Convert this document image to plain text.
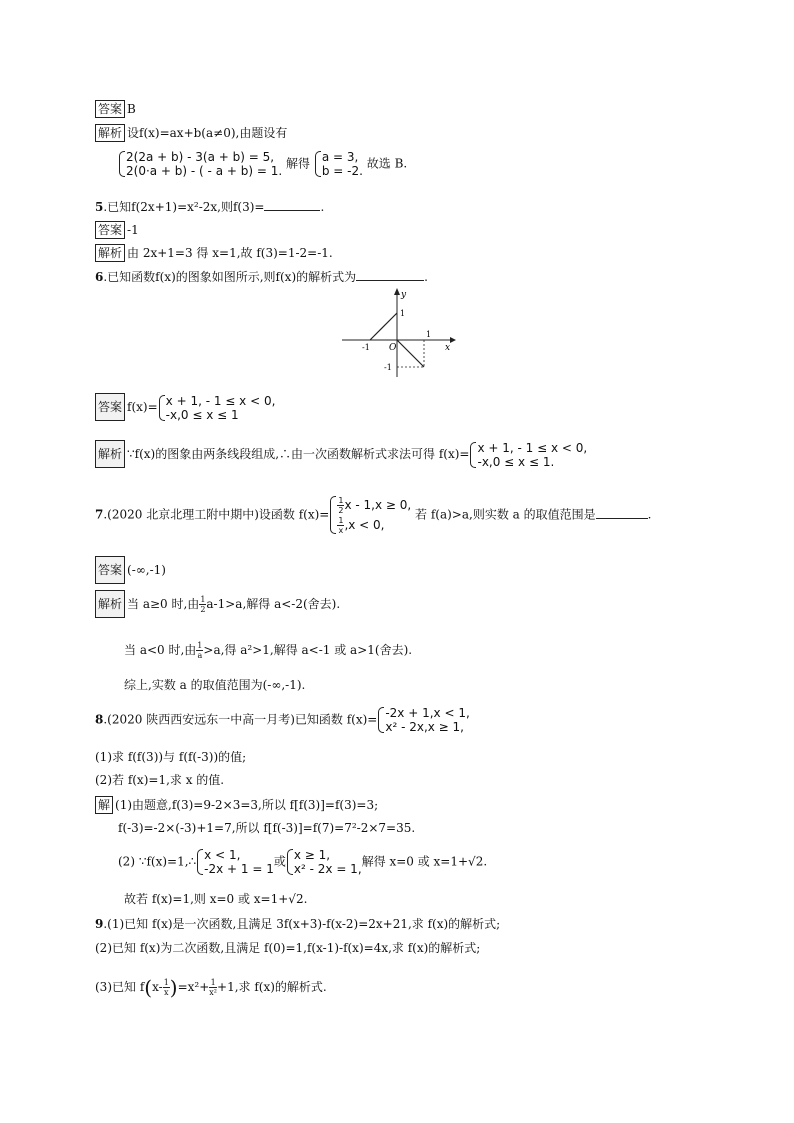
答案 B
解析 设f(x)=ax+b(a≠0),由题设有
2(2a + b) - 3(a + b) = 5,
2(0·a + b) - ( - a + b) = 1.
解得 a = 3,
b = -2.
故选 B.
5.已知f(2x+1)=x²-2x,则f(3)=	.
答案 -1
解析 由 2x+1=3 得 x=1,故 f(3)=1-2=-1.
6.已知函数f(x)的图象如图所示,则f(x)的解析式为	.
y
x
O
1
-1
1
-1
答案 f(x)= x + 1, - 1 ≤ x < 0,
-x,0 ≤ x ≤ 1
解析 ∵f(x)的图象由两条线段组成,∴由一次函数解析式求法可得 f(x)= x + 1, - 1 ≤ x < 0,
-x,0 ≤ x ≤ 1.
7.(2020 北京北理工附中期中)设函数 $f(x)= \frac{1}{2}$ x - 1,x ≥ 0,
$\frac{1}{x} ,x < 0$,
若 f(a)>a,则实数 a 的取值范围是	.
答案 (-∞,-1)
解析 当 a≥0 时,由 $\frac{1}{2} a-1>a$,解得 a<-2(舍去).
当 a<0 时,由 $\frac{1}{a} >a$,得 a²>1,解得 a<-1 或 a>1(舍去).
综上,实数 a 的取值范围为(-∞,-1).
8.(2020 陕西西安远东一中高一月考)已知函数 f(x)= -2x + 1,x < 1,
x² - 2x,x ≥ 1,
(1)求 f(f(3))与 f(f(-3))的值;
(2)若 f(x)=1,求 x 的值.
解 (1)由题意,f(3)=9-2×3=3,所以 f[f(3)]=f(3)=3;
f(-3)=-2×(-3)+1=7,所以 f[f(-3)]=f(7)=7²-2×7=35.
(2) ∵f(x)=1,∴ x < 1,
-2x + 1 = 1
或 x ≥ 1,
x² - 2x = 1,
解得 x=0 或 x=1+√2.
故若 f(x)=1,则 x=0 或 x=1+√2.
9.(1)已知 f(x)是一次函数,且满足 3f(x+3)-f(x-2)=2x+21,求 f(x)的解析式;
(2)已知 f(x)为二次函数,且满足 f(0)=1,f(x-1)-f(x)=4x,求 f(x)的解析式;
(3)已知 $f(x- \frac{1}{x} )=x^2+ \frac{1}{\text{x²}} +1$,求 f(x)的解析式.
